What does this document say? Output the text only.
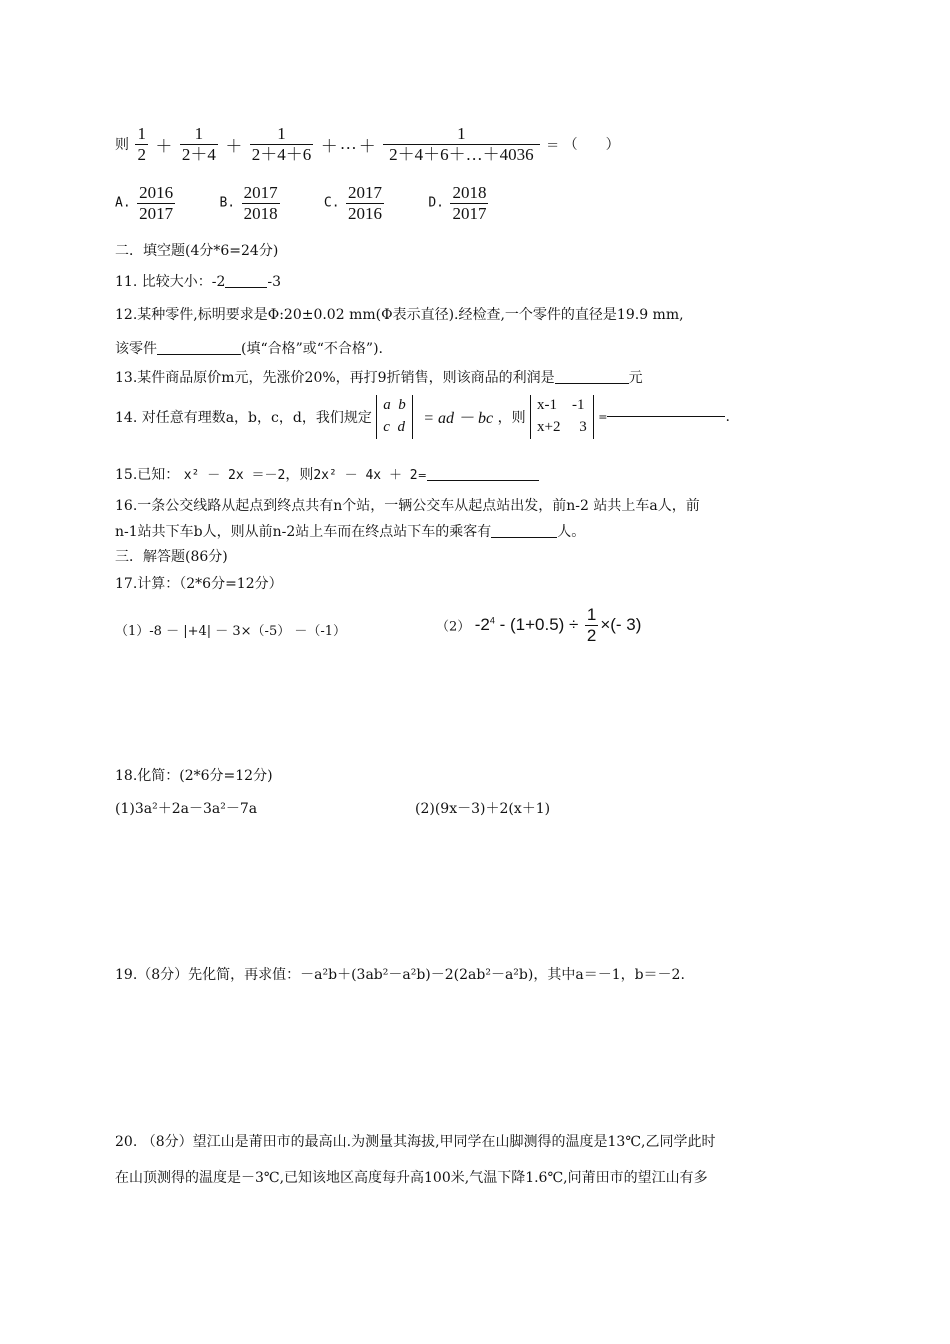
则 $\frac{1}{2} + \frac{1}{2+4} + \frac{1}{2+4+6}$ ＋ … ＋ $\frac{1}{2+4+6+\dots+4036}$ ＝ （　　）
A. $\frac{2016}{2017}$	B. $\frac{2017}{2018}$	C. $\frac{2017}{2016}$	D. $\frac{2018}{2017}$
二．填空题(4分*6=24分)
11. 比较大小：-2	-3
12.某种零件,标明要求是Φ:20±0.02 mm(Φ表示直径).经检查,一个零件的直径是19.9 mm,
该零件	(填“合格”或“不合格”).
13.某件商品原价m元，先涨价20%，再打9折销售，则该商品的利润是	元
14. 对任意有理数a，b，c，d，我们规定
a  b
c  d = ad － bc ，则
x-1    -1
x+2     3
=	.
15.已知： x² － 2x ＝－2，则2x² － 4x ＋ 2=
16.一条公交线路从起点到终点共有n个站，一辆公交车从起点站出发，前n-2 站共上车a人，前
n-1站共下车b人，则从前n-2站上车而在终点站下车的乘客有	人。
三．解答题(86分)
17.计算：（2*6分=12分）
（1）-8 － |+4| － 3×（-5） －（-1）	（2） $-2^4 - (1+0.5) \div \frac{1}{2}$ ×(- 3)
18.化简：(2*6分=12分)
(1)3a²＋2a－3a²－7a	(2)(9x－3)＋2(x＋1)
19.（8分）先化简，再求值：－a²b＋(3ab²－a²b)－2(2ab²－a²b)，其中a＝－1，b＝－2.
20. （8分）望江山是莆田市的最高山.为测量其海拔,甲同学在山脚测得的温度是13℃,乙同学此时
在山顶测得的温度是－3℃,已知该地区高度每升高100米,气温下降1.6℃,问莆田市的望江山有多
